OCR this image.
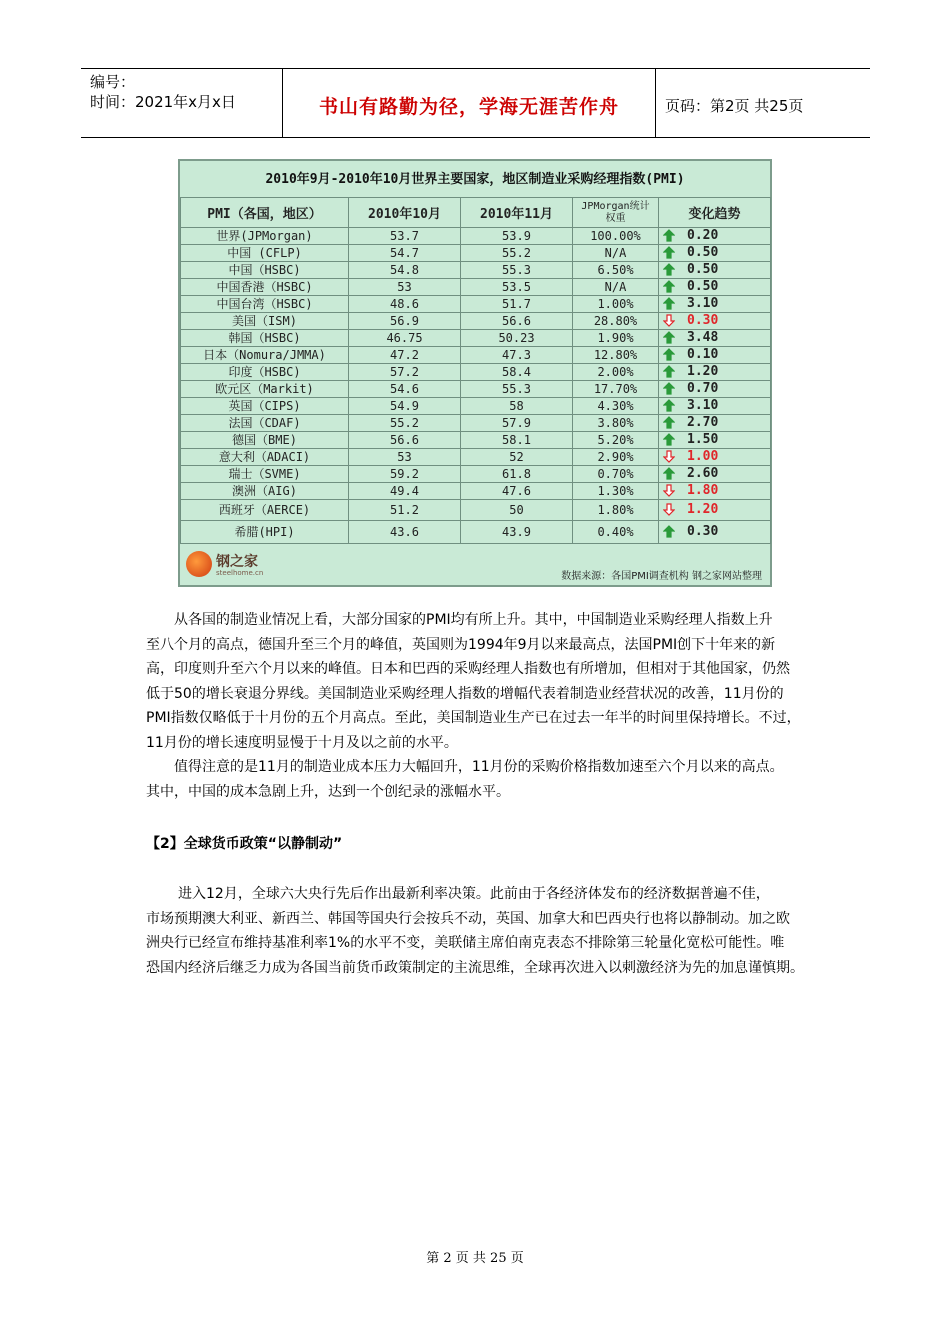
编号：
时间：2021年x月x日	书山有路勤为径，学海无涯苦作舟	页码：第2页 共25页
2010年9月-2010年10月世界主要国家，地区制造业采购经理指数(PMI)
PMI（各国，地区）	2010年10月	2010年11月	JPMorgan统计权重	变化趋势
世界(JPMorgan)	53.7	53.9	100.00%	0.20
中国 (CFLP)	54.7	55.2	N/A	0.50
中国（HSBC)	54.8	55.3	6.50%	0.50
中国香港（HSBC)	53	53.5	N/A	0.50
中国台湾（HSBC)	48.6	51.7	1.00%	3.10
美国（ISM)	56.9	56.6	28.80%	0.30
韩国（HSBC)	46.75	50.23	1.90%	3.48
日本（Nomura/JMMA)	47.2	47.3	12.80%	0.10
印度（HSBC)	57.2	58.4	2.00%	1.20
欧元区（Markit)	54.6	55.3	17.70%	0.70
英国（CIPS)	54.9	58	4.30%	3.10
法国（CDAF)	55.2	57.9	3.80%	2.70
德国（BME)	56.6	58.1	5.20%	1.50
意大利（ADACI)	53	52	2.90%	1.00
瑞士（SVME)	59.2	61.8	0.70%	2.60
澳洲（AIG)	49.4	47.6	1.30%	1.80
西班牙（AERCE)	51.2	50	1.80%	1.20
希腊(HPI)	43.6	43.9	0.40%	0.30
钢之家
steelhome.cn	数据来源：各国PMI调查机构 钢之家网站整理
从各国的制造业情况上看，大部分国家的PMI均有所上升。其中，中国制造业采购经理人指数上升
至八个月的高点，德国升至三个月的峰值，英国则为1994年9月以来最高点，法国PMI创下十年来的新
高，印度则升至六个月以来的峰值。日本和巴西的采购经理人指数也有所增加，但相对于其他国家，仍然
低于50的增长衰退分界线。美国制造业采购经理人指数的增幅代表着制造业经营状况的改善，11月份的
PMI指数仅略低于十月份的五个月高点。至此，美国制造业生产已在过去一年半的时间里保持增长。不过，
11月份的增长速度明显慢于十月及以之前的水平。
值得注意的是11月的制造业成本压力大幅回升，11月份的采购价格指数加速至六个月以来的高点。
其中，中国的成本急剧上升，达到一个创纪录的涨幅水平。
【2】全球货币政策“以静制动”
进入12月，全球六大央行先后作出最新利率决策。此前由于各经济体发布的经济数据普遍不佳，
市场预期澳大利亚、新西兰、韩国等国央行会按兵不动，英国、加拿大和巴西央行也将以静制动。加之欧
洲央行已经宣布维持基准利率1%的水平不变，美联储主席伯南克表态不排除第三轮量化宽松可能性。唯
恐国内经济后继乏力成为各国当前货币政策制定的主流思维，全球再次进入以刺激经济为先的加息谨慎期。
第 2 页 共 25 页
